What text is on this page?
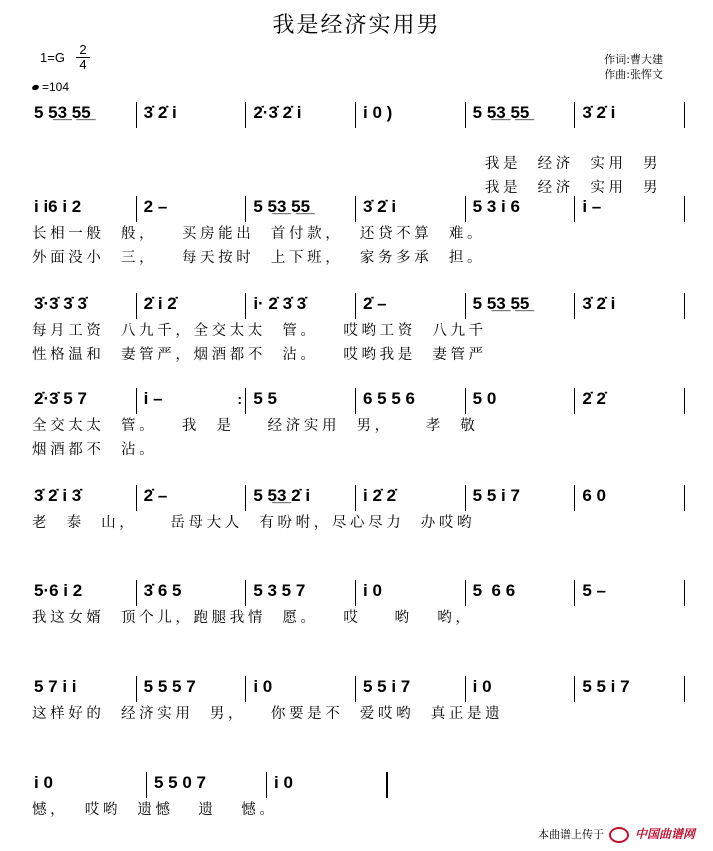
我是经济实用男
1=G
2
4
=104
作词:曹大建
作曲:张恽文
5 5̲3̲ 5̲5̲	3̇ 2̇ i	2̇·3̇ 2̇ i	i 0 )	5 5̲3̲ 5̲5̲	3̇ 2̇ i
我是  经济  实用  男
我是  经济  实用  男
i i6 i 2	2 –	5 5̲3̲ 5̲5̲	3̇ 2̇ i	5 3 i 6	i –
长相一般  般，   买房能出  首付款，  还贷不算  难。
外面没小  三，   每天按时  上下班，  家务多承  担。
3̇·3̇ 3̇ 3̇	2̇ i 2̇	i· 2̇ 3̇ 3̇	2̇ –	5 5̲3̲ 5̲5̲	3̇ 2̇ i
每月工资  八九千，全交太太  管。   哎哟工资  八九千
性格温和  妻管严，烟酒都不  沾。   哎哟我是  妻管严
2̇·3̇ 5 7	i –	: 5 5	6 5 5 6	5 0	2̇ 2̇
全交太太  管。   我  是    经济实用  男，    孝  敬
烟酒都不  沾。
3̇ 2̇ i 3̇	2̇ –	5 5̲3̲ 2̇ i	i 2̇ 2̇	5 5 i 7	6 0
老  泰  山，    岳母大人  有吩咐，尽心尽力  办哎哟
5·6 i 2	3̇ 6 5	5 3 5 7	i 0	5  6 6	5 –
我这女婿  顶个儿，跑腿我情  愿。   哎    哟   哟，
5 7 i i	5 5 5 7	i 0	5 5 i 7	i 0	5 5 i 7
这样好的  经济实用  男，   你要是不  爱哎哟  真正是遗
i 0	5 5 0 7	i 0
憾，  哎哟  遗憾   遗   憾。
本曲谱上传于	中国曲谱网
